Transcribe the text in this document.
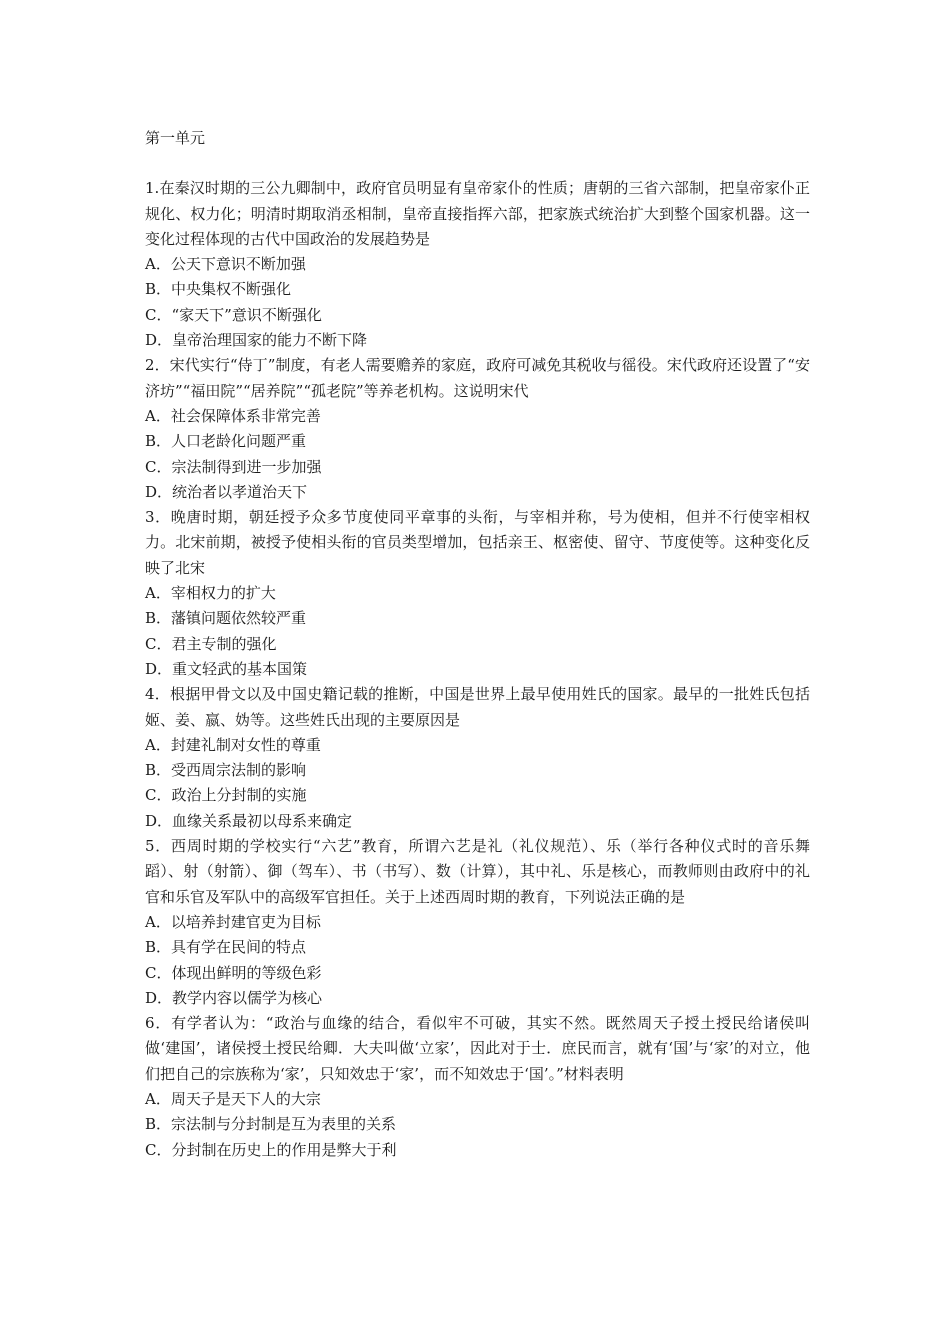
第一单元
1.在秦汉时期的三公九卿制中，政府官员明显有皇帝家仆的性质；唐朝的三省六部制，把皇帝家仆正规化、权力化；明清时期取消丞相制，皇帝直接指挥六部，把家族式统治扩大到整个国家机器。这一变化过程体现的古代中国政治的发展趋势是
A．公天下意识不断加强
B．中央集权不断强化
C．“家天下”意识不断强化
D．皇帝治理国家的能力不断下降
2．宋代实行“侍丁”制度，有老人需要赡养的家庭，政府可减免其税收与徭役。宋代政府还设置了“安济坊”“福田院”“居养院”“孤老院”等养老机构。这说明宋代
A．社会保障体系非常完善
B．人口老龄化问题严重
C．宗法制得到进一步加强
D．统治者以孝道治天下
3．晚唐时期，朝廷授予众多节度使同平章事的头衔，与宰相并称，号为使相，但并不行使宰相权力。北宋前期，被授予使相头衔的官员类型增加，包括亲王、枢密使、留守、节度使等。这种变化反映了北宋
A．宰相权力的扩大
B．藩镇问题依然较严重
C．君主专制的强化
D．重文轻武的基本国策
4．根据甲骨文以及中国史籍记载的推断，中国是世界上最早使用姓氏的国家。最早的一批姓氏包括姬、姜、嬴、妫等。这些姓氏出现的主要原因是
A．封建礼制对女性的尊重
B．受西周宗法制的影响
C．政治上分封制的实施
D．血缘关系最初以母系来确定
5．西周时期的学校实行“六艺”教育，所谓六艺是礼（礼仪规范）、乐（举行各种仪式时的音乐舞蹈）、射（射箭）、御（驾车）、书（书写）、数（计算），其中礼、乐是核心，而教师则由政府中的礼官和乐官及军队中的高级军官担任。关于上述西周时期的教育，下列说法正确的是
A．以培养封建官吏为目标
B．具有学在民间的特点
C．体现出鲜明的等级色彩
D．教学内容以儒学为核心
6．有学者认为：“政治与血缘的结合，看似牢不可破，其实不然。既然周天子授土授民给诸侯叫做‘建国’，诸侯授土授民给卿．大夫叫做‘立家’，因此对于士．庶民而言，就有‘国’与‘家’的对立，他们把自己的宗族称为‘家’，只知效忠于‘家’，而不知效忠于‘国’。”材料表明
A．周天子是天下人的大宗
B．宗法制与分封制是互为表里的关系
C．分封制在历史上的作用是弊大于利
